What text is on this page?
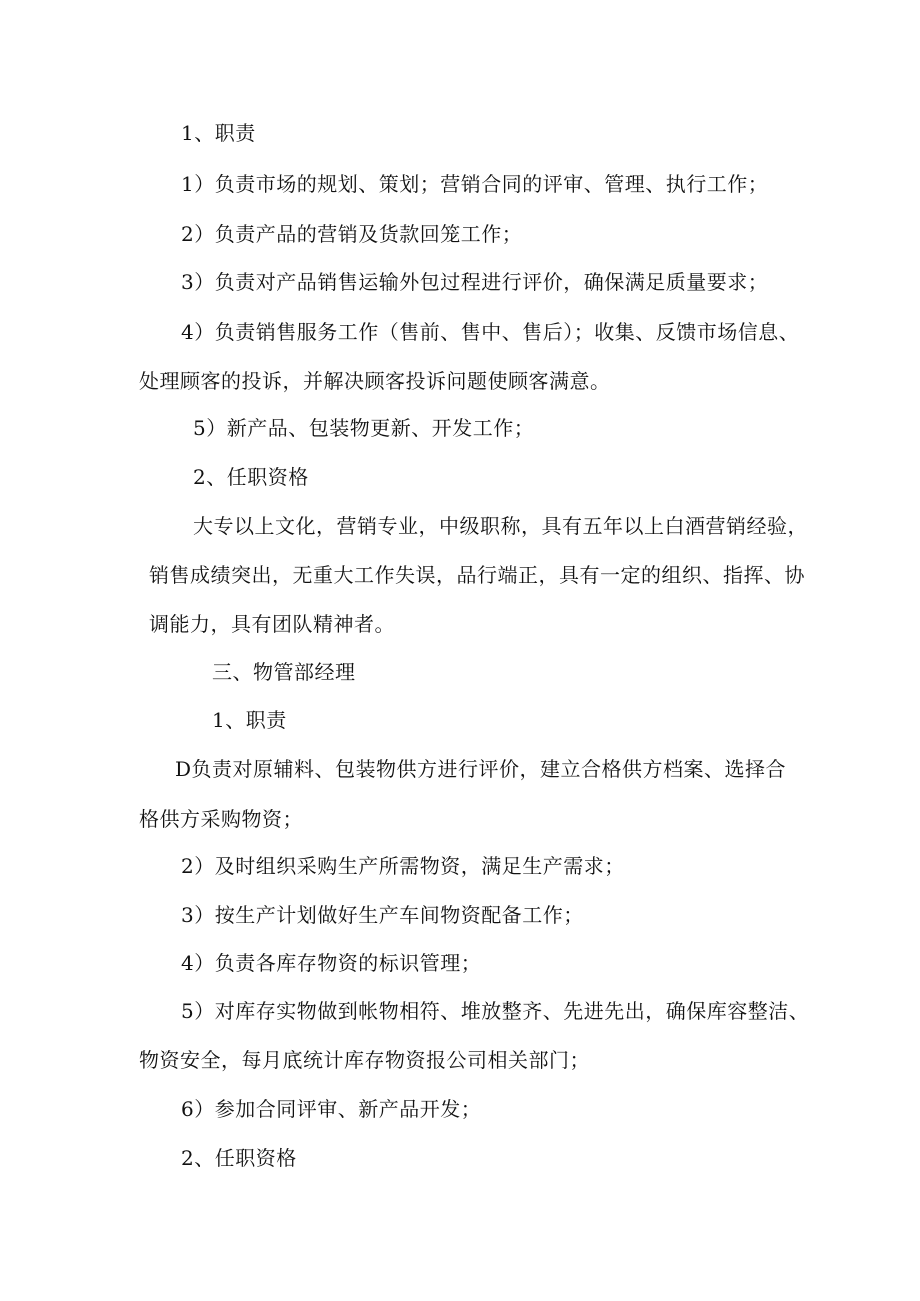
1、职责

1）负责市场的规划、策划；营销合同的评审、管理、执行工作；

2）负责产品的营销及货款回笼工作；

3）负责对产品销售运输外包过程进行评价，确保满足质量要求；

4）负责销售服务工作（售前、售中、售后）；收集、反馈市场信息、

处理顾客的投诉，并解决顾客投诉问题使顾客满意。

5）新产品、包装物更新、开发工作；

2、任职资格

大专以上文化，营销专业，中级职称，具有五年以上白酒营销经验，

销售成绩突出，无重大工作失误，品行端正，具有一定的组织、指挥、协

调能力，具有团队精神者。

三、物管部经理

1、职责

D负责对原辅料、包装物供方进行评价，建立合格供方档案、选择合

格供方采购物资；

2）及时组织采购生产所需物资，满足生产需求；

3）按生产计划做好生产车间物资配备工作；

4）负责各库存物资的标识管理；

5）对库存实物做到帐物相符、堆放整齐、先进先出，确保库容整洁、

物资安全，每月底统计库存物资报公司相关部门；

6）参加合同评审、新产品开发；

2、任职资格
